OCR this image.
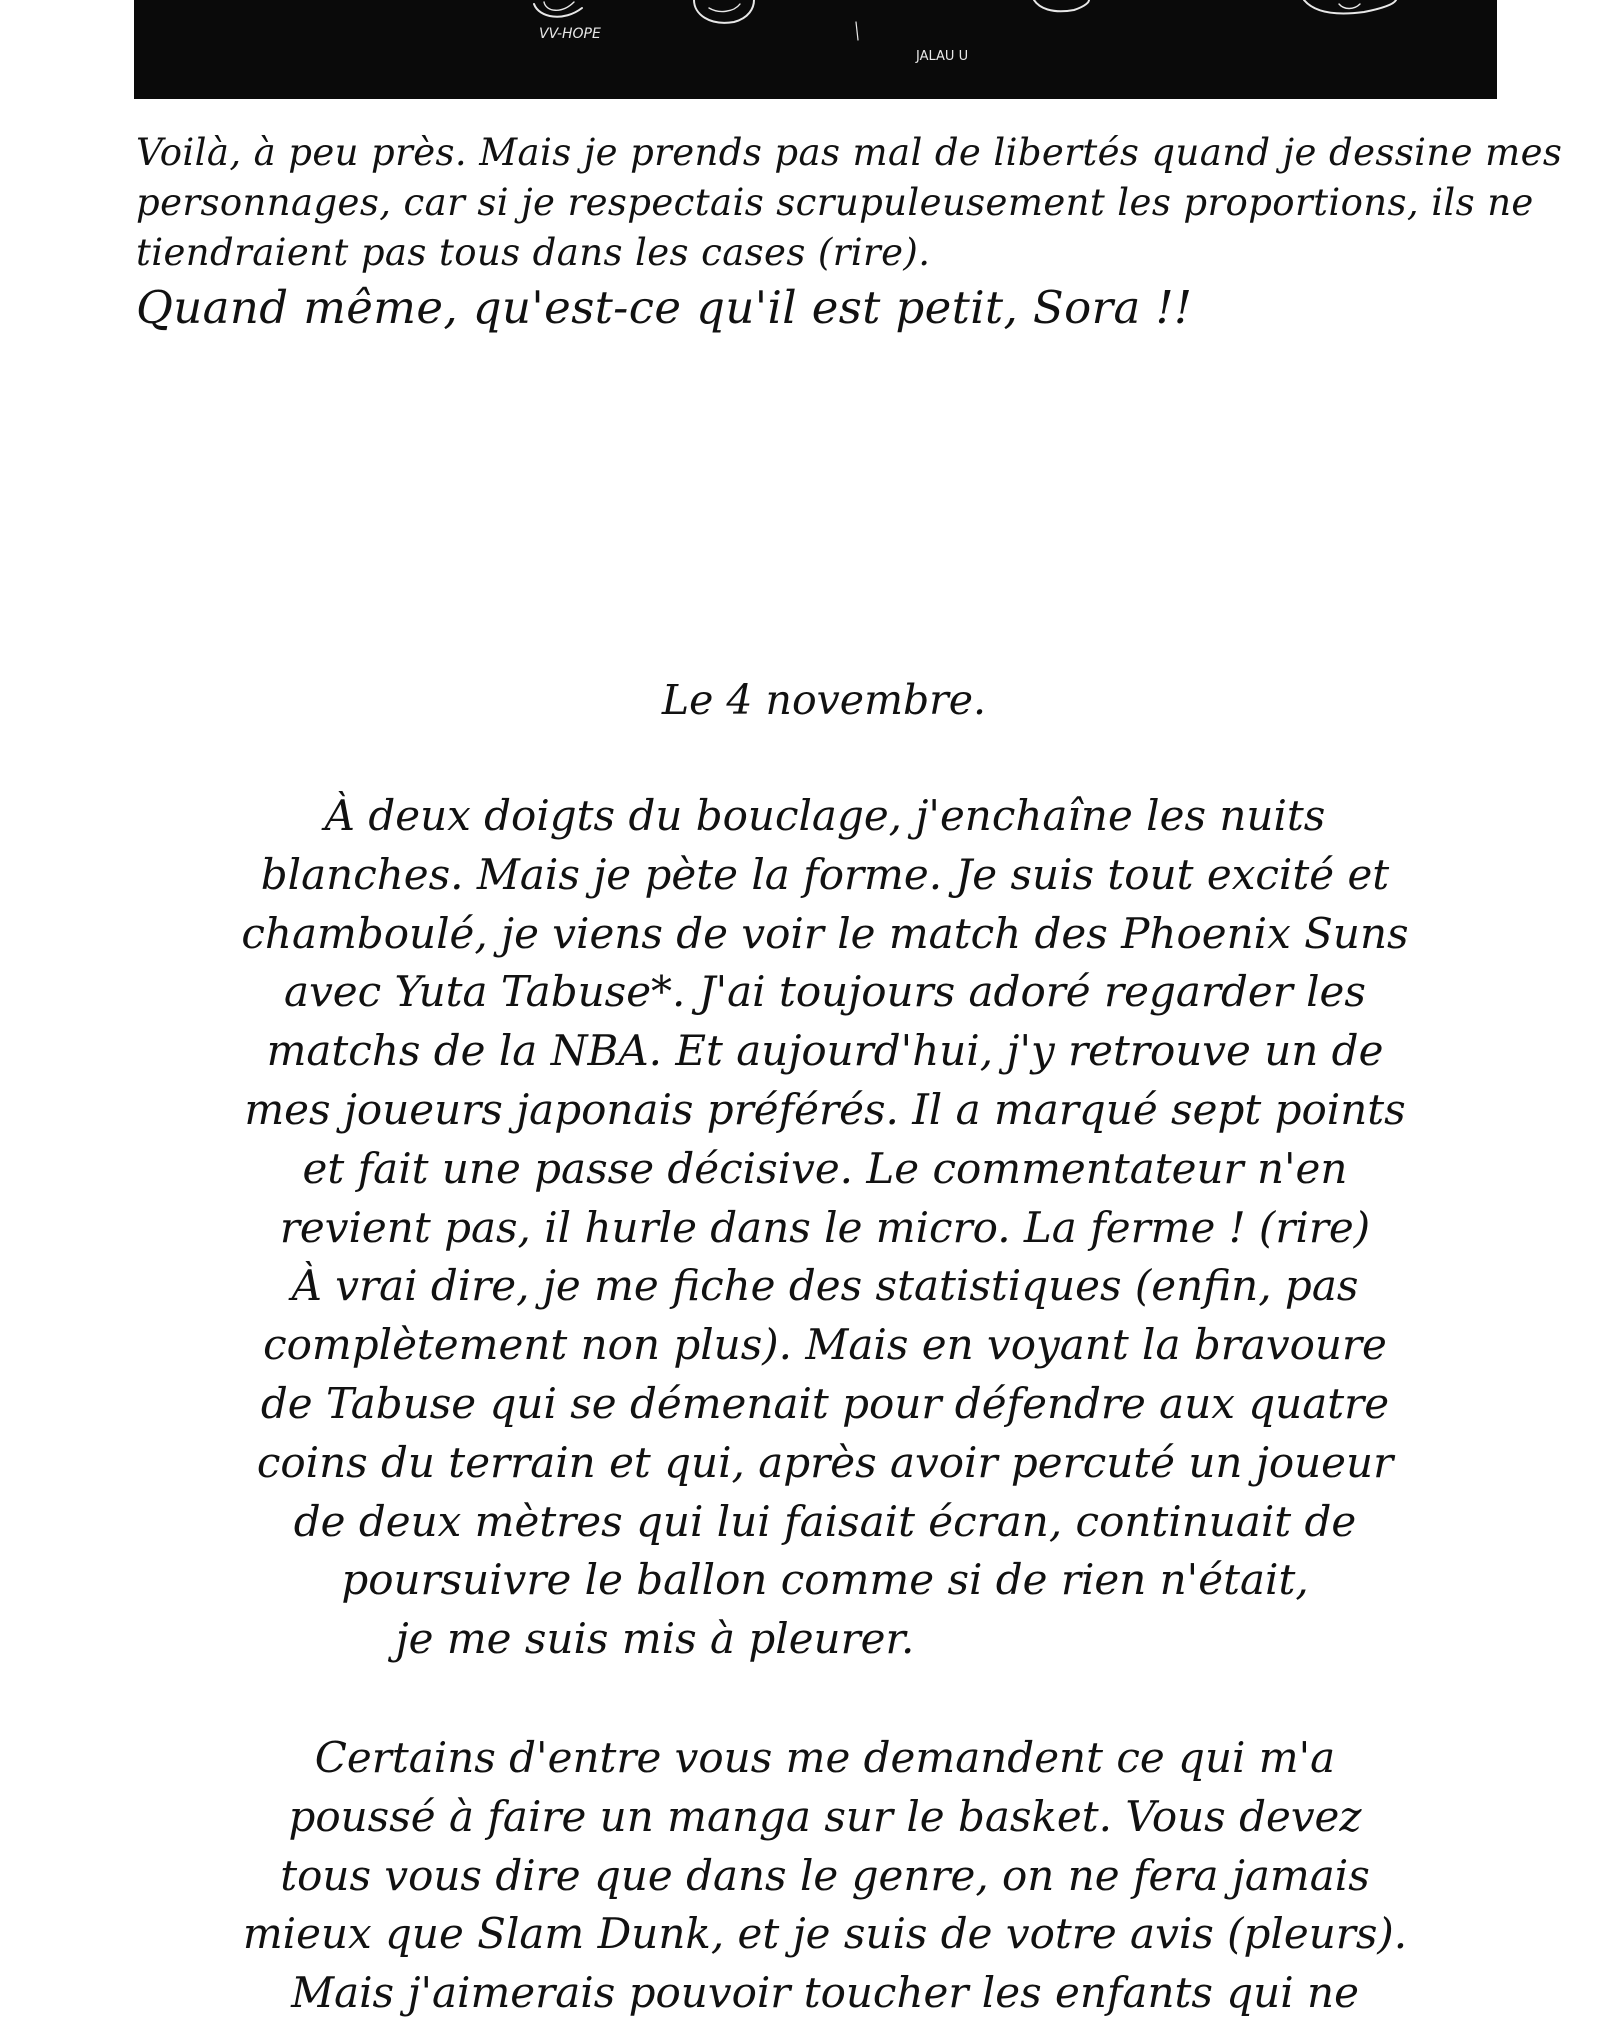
VV-HOPE
JALAU U

Voilà, à peu près. Mais je prends pas mal de libertés quand je dessine mes

personnages, car si je respectais scrupuleusement les proportions, ils ne

tiendraient pas tous dans les cases (rire).

Quand même, qu'est-ce qu'il est petit, Sora !!

Le 4 novembre.

À deux doigts du bouclage, j'enchaîne les nuits

blanches. Mais je pète la forme. Je suis tout excité et

chamboulé, je viens de voir le match des Phoenix Suns

avec Yuta Tabuse*. J'ai toujours adoré regarder les

matchs de la NBA. Et aujourd'hui, j'y retrouve un de

mes joueurs japonais préférés. Il a marqué sept points

et fait une passe décisive. Le commentateur n'en

revient pas, il hurle dans le micro. La ferme ! (rire)

À vrai dire, je me fiche des statistiques (enfin, pas

complètement non plus). Mais en voyant la bravoure

de Tabuse qui se démenait pour défendre aux quatre

coins du terrain et qui, après avoir percuté un joueur

de deux mètres qui lui faisait écran, continuait de

poursuivre le ballon comme si de rien n'était,

je me suis mis à pleurer.

Certains d'entre vous me demandent ce qui m'a

poussé à faire un manga sur le basket. Vous devez

tous vous dire que dans le genre, on ne fera jamais

mieux que Slam Dunk, et je suis de votre avis (pleurs).

Mais j'aimerais pouvoir toucher les enfants qui ne
